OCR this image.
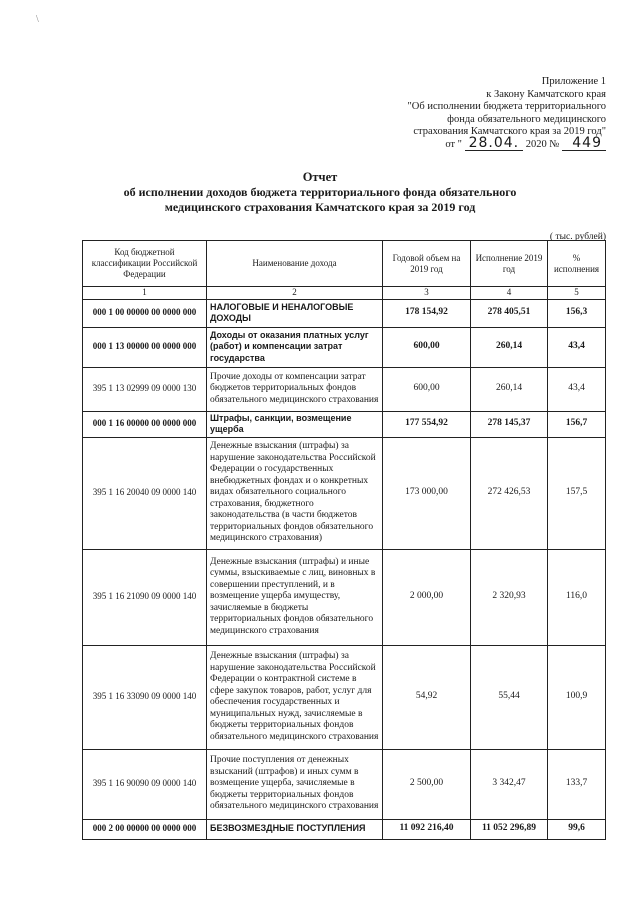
\
Приложение 1
к Закону Камчатского края
"Об исполнении бюджета территориального
фонда обязательного медицинского
страхования Камчатского края за 2019 год"
от " 28.04. 2020 № 449
Отчет
об исполнении доходов бюджета территориального фонда обязательного
медицинского страхования Камчатского края за 2019 год
( тыс. рублей)
Код бюджетной классификации Российской Федерации	Наименование дохода	Годовой объем на 2019 год	Исполнение 2019 год	% исполнения
1	2	3	4	5
000 1 00 00000 00 0000 000	НАЛОГОВЫЕ И НЕНАЛОГОВЫЕ ДОХОДЫ	178 154,92	278 405,51	156,3
000 1 13 00000 00 0000 000	Доходы от оказания платных услуг (работ) и компенсации затрат государства	600,00	260,14	43,4
395 1 13 02999 09 0000 130	Прочие доходы от компенсации затрат бюджетов территориальных фондов обязательного медицинского страхования	600,00	260,14	43,4
000 1 16 00000 00 0000 000	Штрафы, санкции, возмещение ущерба	177 554,92	278 145,37	156,7
395 1 16 20040 09 0000 140	Денежные взыскания (штрафы) за нарушение законодательства Российской Федерации о государственных внебюджетных фондах и о конкретных видах обязательного социального страхования, бюджетного законодательства (в части бюджетов территориальных фондов обязательного медицинского страхования)	173 000,00	272 426,53	157,5
395 1 16 21090 09 0000 140	Денежные взыскания (штрафы) и иные суммы, взыскиваемые с лиц, виновных в совершении преступлений, и в возмещение ущерба имуществу, зачисляемые в бюджеты территориальных фондов обязательного медицинского страхования	2 000,00	2 320,93	116,0
395 1 16 33090 09 0000 140	Денежные взыскания (штрафы) за нарушение законодательства Российской Федерации о контрактной системе в сфере закупок товаров, работ, услуг для обеспечения государственных и муниципальных нужд, зачисляемые в бюджеты территориальных фондов обязательного медицинского страхования	54,92	55,44	100,9
395 1 16 90090 09 0000 140	Прочие поступления от денежных взысканий (штрафов) и иных сумм в возмещение ущерба, зачисляемые в бюджеты территориальных фондов обязательного медицинского страхования	2 500,00	3 342,47	133,7
000 2 00 00000 00 0000 000	БЕЗВОЗМЕЗДНЫЕ ПОСТУПЛЕНИЯ	11 092 216,40	11 052 296,89	99,6
